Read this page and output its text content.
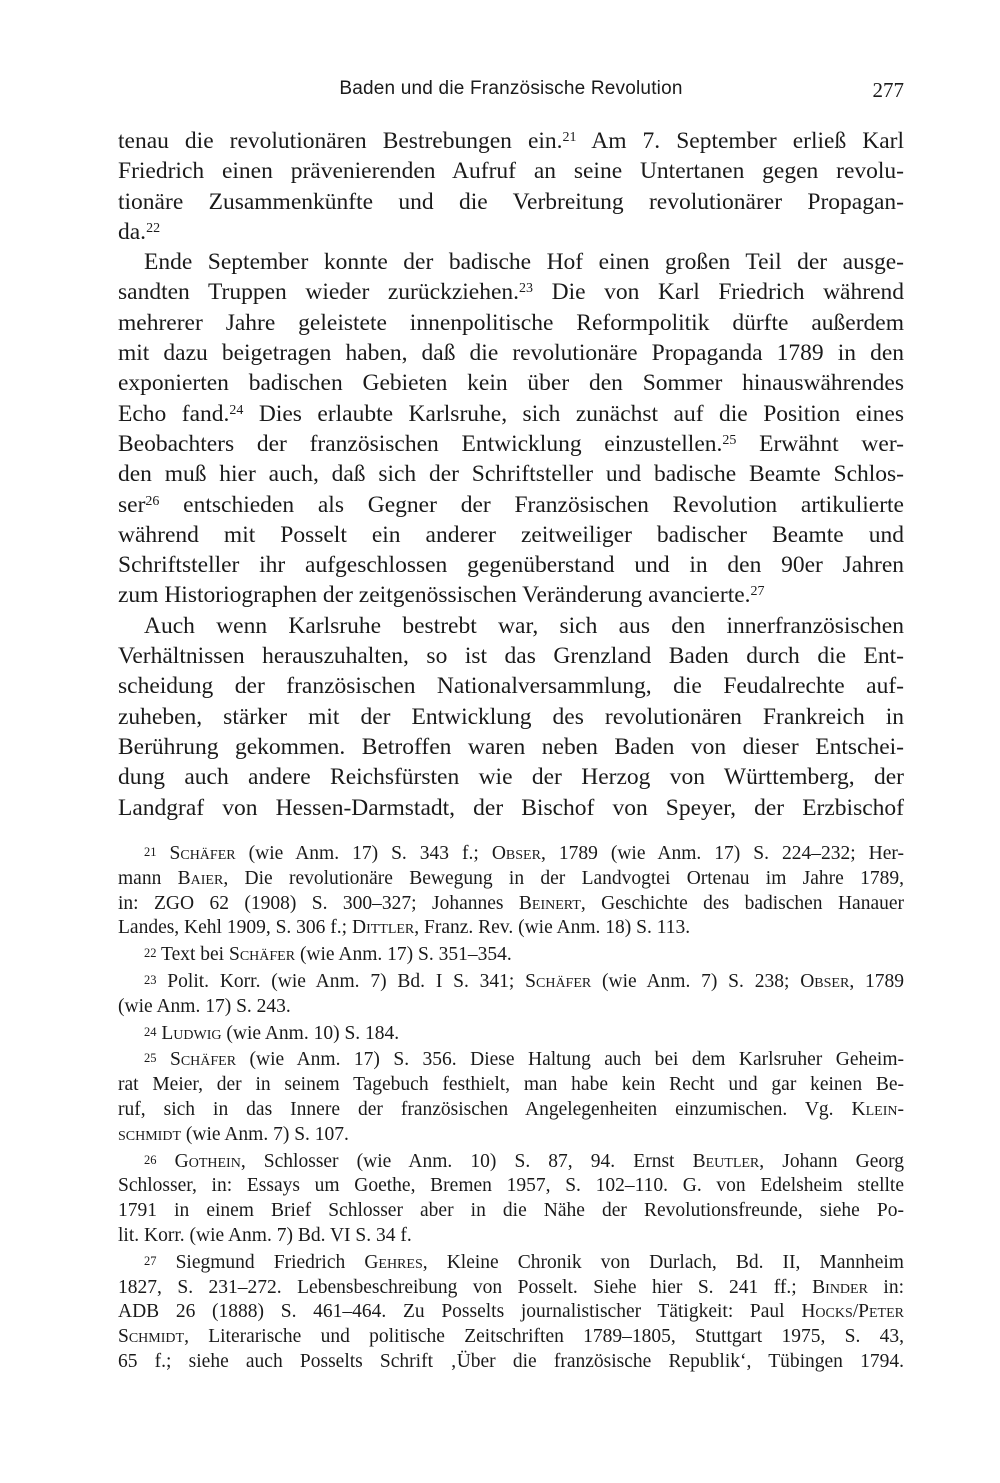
Baden und die Französische Revolution	277

tenau die revolutionären Bestrebungen ein.$^{21}$ Am 7. September erließ Karl
Friedrich einen prävenierenden Aufruf an seine Untertanen gegen revolu-
tionäre Zusammenkünfte und die Verbreitung revolutionärer Propagan-
da.$^{22}$

Ende September konnte der badische Hof einen großen Teil der ausge-
sandten Truppen wieder zurückziehen.$^{23}$ Die von Karl Friedrich während
mehrerer Jahre geleistete innenpolitische Reformpolitik dürfte außerdem
mit dazu beigetragen haben, daß die revolutionäre Propaganda 1789 in den
exponierten badischen Gebieten kein über den Sommer hinauswährendes
Echo fand.$^{24}$ Dies erlaubte Karlsruhe, sich zunächst auf die Position eines
Beobachters der französischen Entwicklung einzustellen.$^{25}$ Erwähnt wer-
den muß hier auch, daß sich der Schriftsteller und badische Beamte Schlos-
ser$^{26}$ entschieden als Gegner der Französischen Revolution artikulierte
während mit Posselt ein anderer zeitweiliger badischer Beamte und
Schriftsteller ihr aufgeschlossen gegenüberstand und in den 90er Jahren
zum Historiographen der zeitgenössischen Veränderung avancierte.$^{27}$

Auch wenn Karlsruhe bestrebt war, sich aus den innerfranzösischen
Verhältnissen herauszuhalten, so ist das Grenzland Baden durch die Ent-
scheidung der französischen Nationalversammlung, die Feudalrechte auf-
zuheben, stärker mit der Entwicklung des revolutionären Frankreich in
Berührung gekommen. Betroffen waren neben Baden von dieser Entschei-
dung auch andere Reichsfürsten wie der Herzog von Württemberg, der
Landgraf von Hessen-Darmstadt, der Bischof von Speyer, der Erzbischof

$^{21}$ Schäfer (wie Anm. 17) S. 343 f.; Obser, 1789 (wie Anm. 17) S. 224–232; Her-
mann Baier, Die revolutionäre Bewegung in der Landvogtei Ortenau im Jahre 1789,
in: ZGO 62 (1908) S. 300–327; Johannes Beinert, Geschichte des badischen Hanauer
Landes, Kehl 1909, S. 306 f.; Dittler, Franz. Rev. (wie Anm. 18) S. 113.
$^{22}$ Text bei Schäfer (wie Anm. 17) S. 351–354.
$^{23}$ Polit. Korr. (wie Anm. 7) Bd. I S. 341; Schäfer (wie Anm. 7) S. 238; Obser, 1789
(wie Anm. 17) S. 243.
$^{24}$ Ludwig (wie Anm. 10) S. 184.
$^{25}$ Schäfer (wie Anm. 17) S. 356. Diese Haltung auch bei dem Karlsruher Geheim-
rat Meier, der in seinem Tagebuch festhielt, man habe kein Recht und gar keinen Be-
ruf, sich in das Innere der französischen Angelegenheiten einzumischen. Vg. Klein-
schmidt (wie Anm. 7) S. 107.
$^{26}$ Gothein, Schlosser (wie Anm. 10) S. 87, 94. Ernst Beutler, Johann Georg
Schlosser, in: Essays um Goethe, Bremen 1957, S. 102–110. G. von Edelsheim stellte
1791 in einem Brief Schlosser aber in die Nähe der Revolutionsfreunde, siehe Po-
lit. Korr. (wie Anm. 7) Bd. VI S. 34 f.
$^{27}$ Siegmund Friedrich Gehres, Kleine Chronik von Durlach, Bd. II, Mannheim
1827, S. 231–272. Lebensbeschreibung von Posselt. Siehe hier S. 241 ff.; Binder in:
ADB 26 (1888) S. 461–464. Zu Posselts journalistischer Tätigkeit: Paul Hocks/Peter
Schmidt, Literarische und politische Zeitschriften 1789–1805, Stuttgart 1975, S. 43,
65 f.; siehe auch Posselts Schrift ‚Über die französische Republik‘, Tübingen 1794.
